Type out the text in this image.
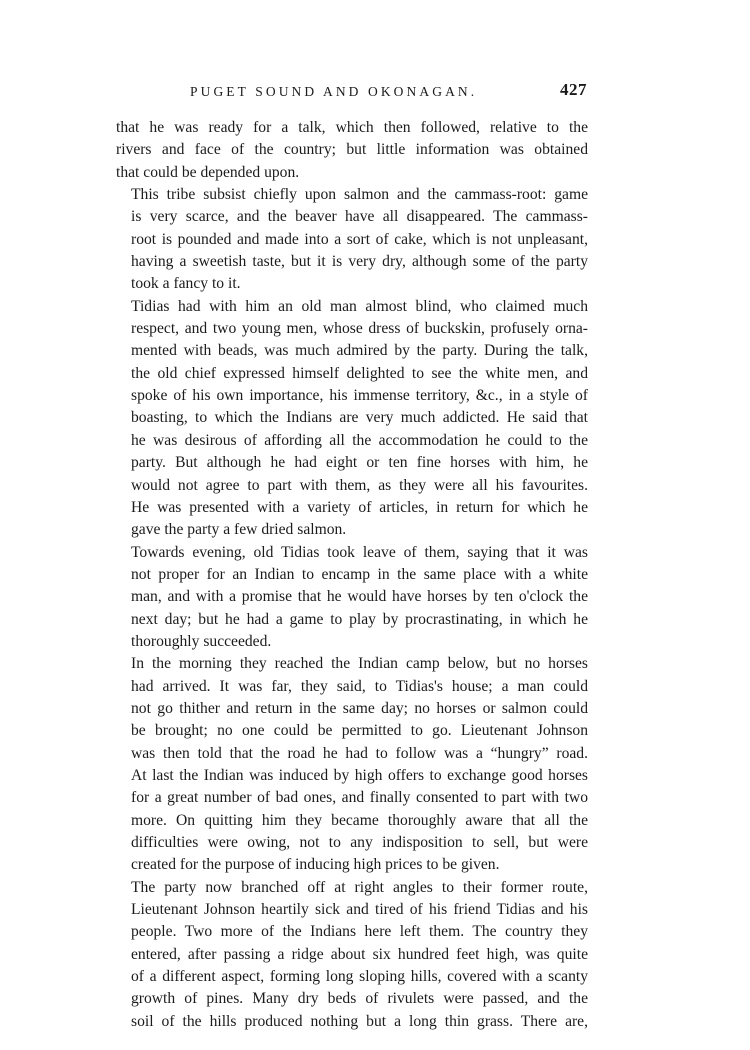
PUGET SOUND AND OKONAGAN.	427

that he was ready for a talk, which then followed, relative to the
rivers and face of the country; but little information was obtained
that could be depended upon.

This tribe subsist chiefly upon salmon and the cammass-root: game
is very scarce, and the beaver have all disappeared. The cammass-
root is pounded and made into a sort of cake, which is not unpleasant,
having a sweetish taste, but it is very dry, although some of the party
took a fancy to it.

Tidias had with him an old man almost blind, who claimed much
respect, and two young men, whose dress of buckskin, profusely orna-
mented with beads, was much admired by the party. During the talk,
the old chief expressed himself delighted to see the white men, and
spoke of his own importance, his immense territory, &c., in a style of
boasting, to which the Indians are very much addicted. He said that
he was desirous of affording all the accommodation he could to the
party. But although he had eight or ten fine horses with him, he
would not agree to part with them, as they were all his favourites.
He was presented with a variety of articles, in return for which he
gave the party a few dried salmon.

Towards evening, old Tidias took leave of them, saying that it was
not proper for an Indian to encamp in the same place with a white
man, and with a promise that he would have horses by ten o'clock the
next day; but he had a game to play by procrastinating, in which he
thoroughly succeeded.

In the morning they reached the Indian camp below, but no horses
had arrived. It was far, they said, to Tidias's house; a man could
not go thither and return in the same day; no horses or salmon could
be brought; no one could be permitted to go. Lieutenant Johnson
was then told that the road he had to follow was a “hungry” road.
At last the Indian was induced by high offers to exchange good horses
for a great number of bad ones, and finally consented to part with two
more. On quitting him they became thoroughly aware that all the
difficulties were owing, not to any indisposition to sell, but were
created for the purpose of inducing high prices to be given.

The party now branched off at right angles to their former route,
Lieutenant Johnson heartily sick and tired of his friend Tidias and his
people. Two more of the Indians here left them. The country they
entered, after passing a ridge about six hundred feet high, was quite
of a different aspect, forming long sloping hills, covered with a scanty
growth of pines. Many dry beds of rivulets were passed, and the
soil of the hills produced nothing but a long thin grass. There are,
